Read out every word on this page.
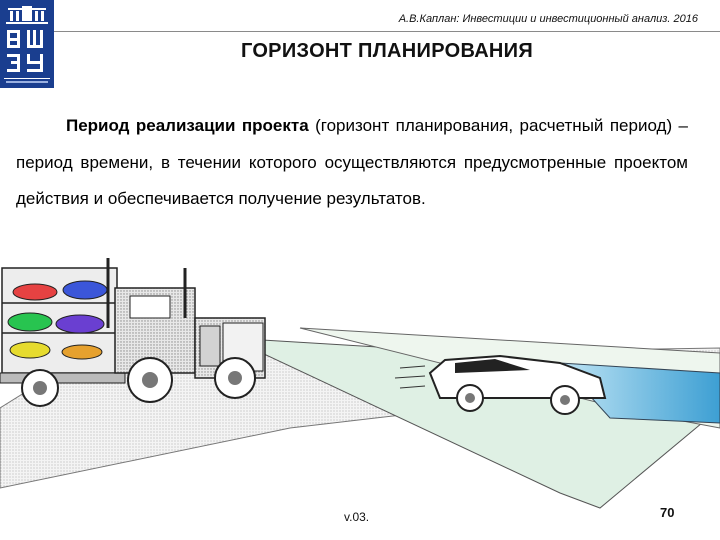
А.В.Каплан: Инвестиции и инвестиционный анализ. 2016
ГОРИЗОНТ ПЛАНИРОВАНИЯ
Период реализации проекта (горизонт планирования, расчетный период) – период времени, в течении которого осуществляются предусмотренные проектом действия и обеспечивается получение результатов.
v.03.	70
